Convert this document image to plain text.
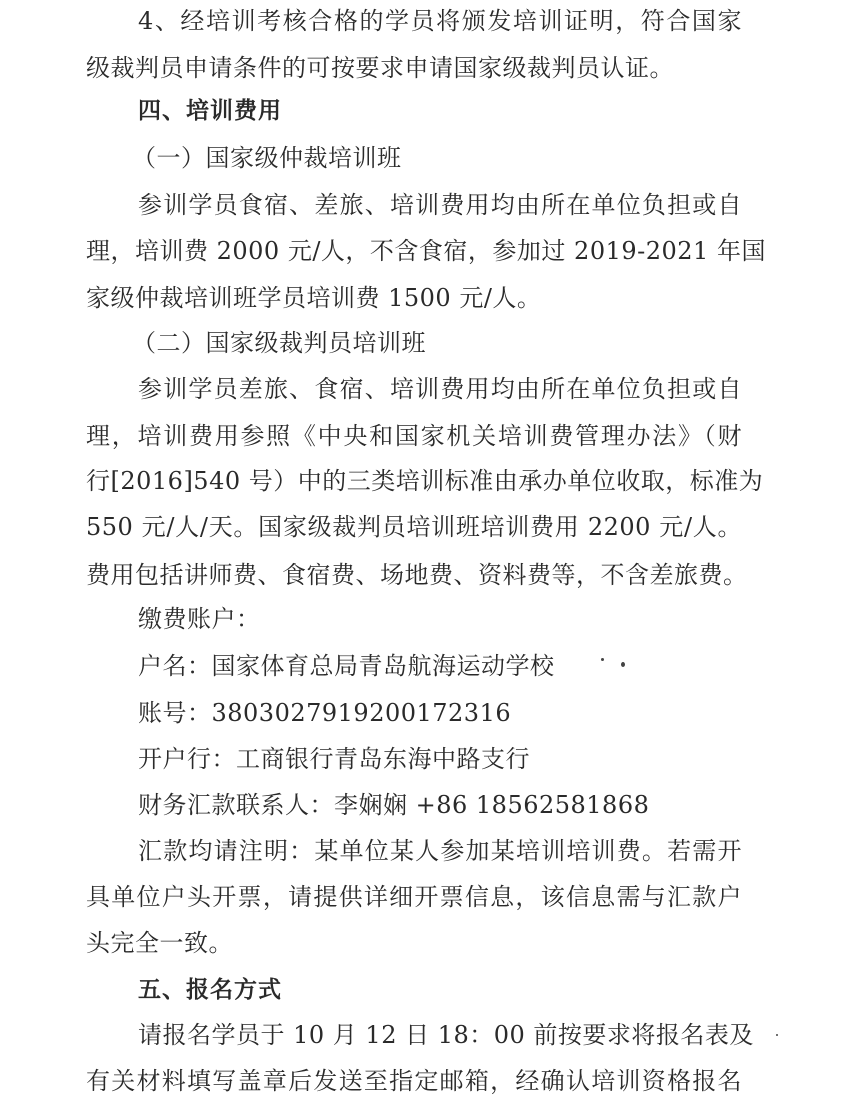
4、经培训考核合格的学员将颁发培训证明，符合国家
级裁判员申请条件的可按要求申请国家级裁判员认证。
四、培训费用
（一）国家级仲裁培训班
参训学员食宿、差旅、培训费用均由所在单位负担或自
理，培训费 2000 元/人，不含食宿，参加过 2019-2021 年国
家级仲裁培训班学员培训费 1500 元/人。
（二）国家级裁判员培训班
参训学员差旅、食宿、培训费用均由所在单位负担或自
理，培训费用参照《中央和国家机关培训费管理办法》（财
行[2016]540 号）中的三类培训标准由承办单位收取，标准为
550 元/人/天。国家级裁判员培训班培训费用 2200 元/人。
费用包括讲师费、食宿费、场地费、资料费等，不含差旅费。
缴费账户：
户名：国家体育总局青岛航海运动学校
账号：3803027919200172316
开户行：工商银行青岛东海中路支行
财务汇款联系人：李娴娴 +86 18562581868
汇款均请注明：某单位某人参加某培训培训费。若需开
具单位户头开票，请提供详细开票信息，该信息需与汇款户
头完全一致。
五、报名方式
请报名学员于 10 月 12 日 18：00 前按要求将报名表及
有关材料填写盖章后发送至指定邮箱，经确认培训资格报名
